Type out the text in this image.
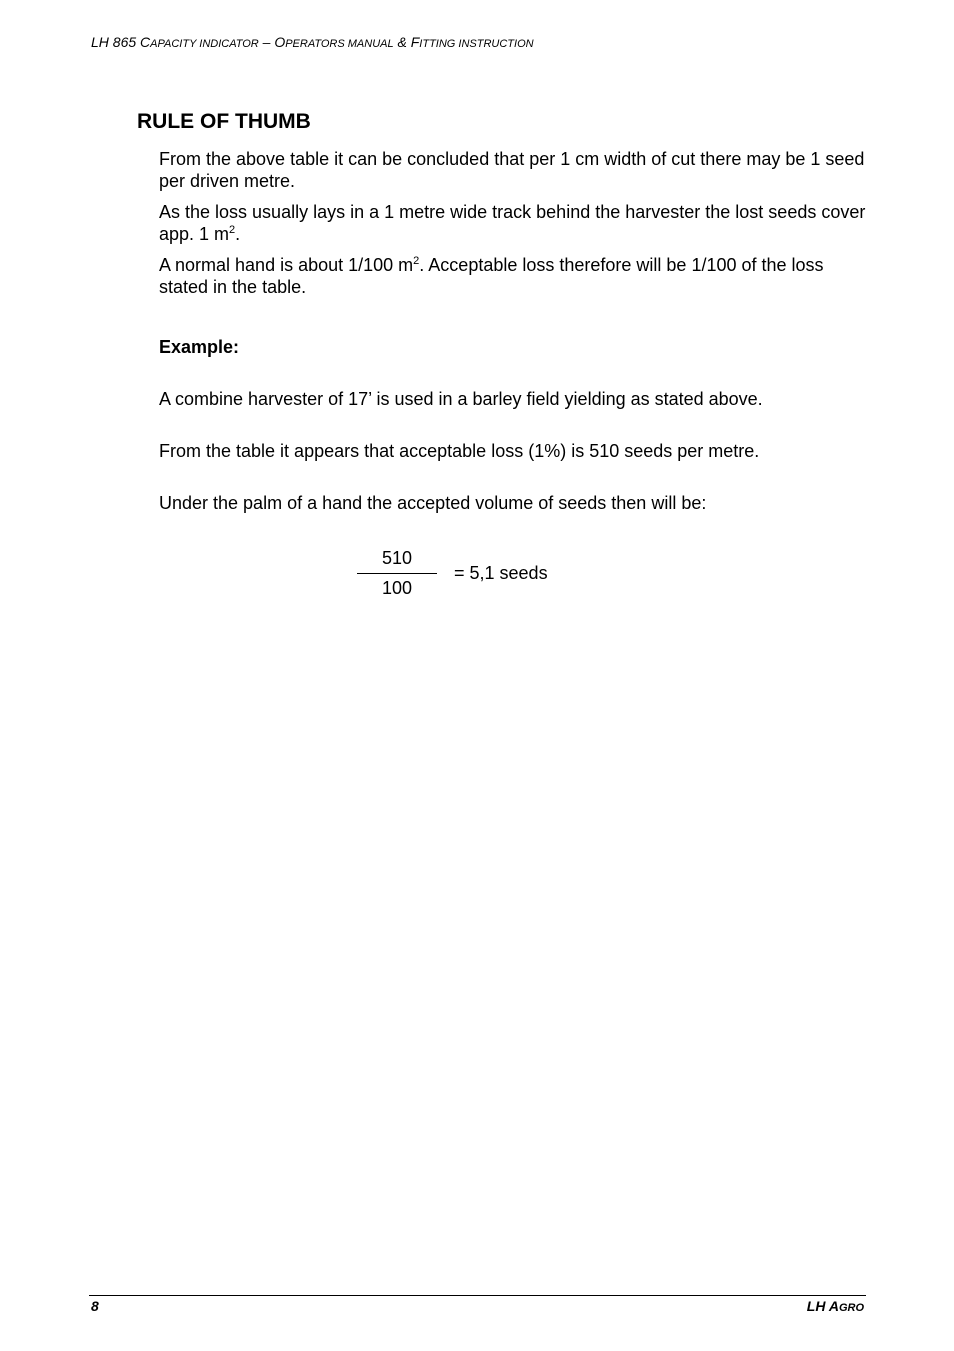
LH 865 CAPACITY INDICATOR – OPERATORS MANUAL & FITTING INSTRUCTION
RULE OF THUMB

From the above table it can be concluded that per 1 cm width of cut there may be 1 seed per driven metre.

As the loss usually lays in a 1 metre wide track behind the harvester the lost seeds cover app. 1 $m^2$.

A normal hand is about 1/100 $m^2$. Acceptable loss therefore will be 1/100 of the loss stated in the table.

Example:

A combine harvester of 17’ is used in a barley field yielding as stated above.

From the table it appears that acceptable loss (1%) is 510 seeds per metre.

Under the palm of a hand the accepted volume of seeds then will be:

510
100
= 5,1 seeds
8	LH AGRO
